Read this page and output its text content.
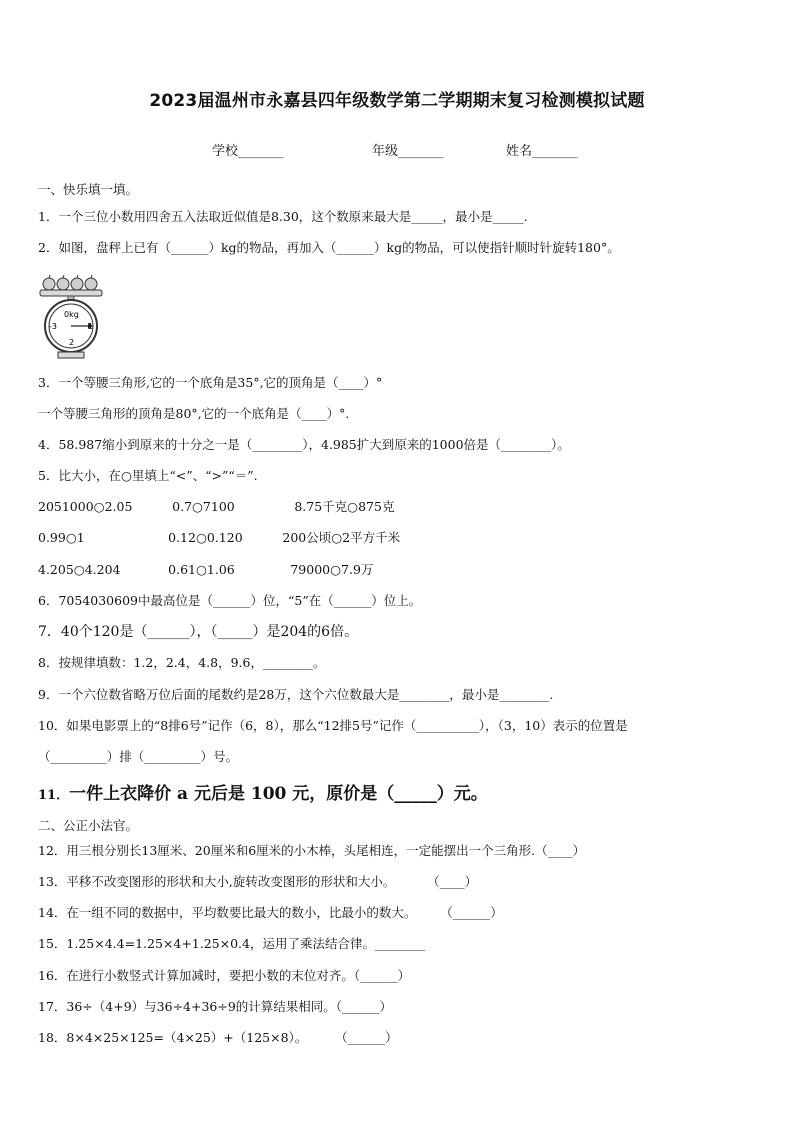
2023届温州市永嘉县四年级数学第二学期期末复习检测模拟试题
学校_______	年级_______	姓名_______
一、快乐填一填。
1．一个三位小数用四舍五入法取近似值是8.30，这个数原来最大是_____，最小是_____.
2．如图，盘秤上已有（______）kg的物品，再加入（______）kg的物品，可以使指针顺时针旋转180°。
0kg
-3	1
2
3．一个等腰三角形,它的一个底角是35°,它的顶角是（____）°
一个等腰三角形的顶角是80°,它的一个底角是（____）°.
4．58.987缩小到原来的十分之一是（________），4.985扩大到原来的1000倍是（________）。
5．比大小，在○里填上“<”、“>”“＝”.
2051000○2.05          0.7○7100               8.75千克○875克
0.99○1                     0.12○0.120          200公顷○2平方千米
4.205○4.204            0.61○1.06              79000○7.9万
6．7054030609中最高位是（______）位，“5”在（______）位上。
7．40个120是（______），（_____）是204的6倍。
8．按规律填数：1.2，2.4，4.8，9.6，________。
9．一个六位数省略万位后面的尾数约是28万，这个六位数最大是________，最小是________.
10．如果电影票上的“8排6号”记作（6，8），那么“12排5号”记作（__________），（3，10）表示的位置是
（_________）排（_________）号。
11．一件上衣降价 a 元后是 100 元，原价是（_____）元。
二、公正小法官。
12．用三根分别长13厘米、20厘米和6厘米的小木棒，头尾相连，一定能摆出一个三角形.（____）
13．平移不改变图形的形状和大小,旋转改变图形的形状和大小。        （____）
14．在一组不同的数据中，平均数要比最大的数小，比最小的数大。      （______）
15．1.25×4.4=1.25×4+1.25×0.4，运用了乘法结合律。________
16．在进行小数竖式计算加减时，要把小数的末位对齐。（______）
17．36÷（4+9）与36÷4+36÷9的计算结果相同。（______）
18．8×4×25×125=（4×25）+（125×8）。       （______）
